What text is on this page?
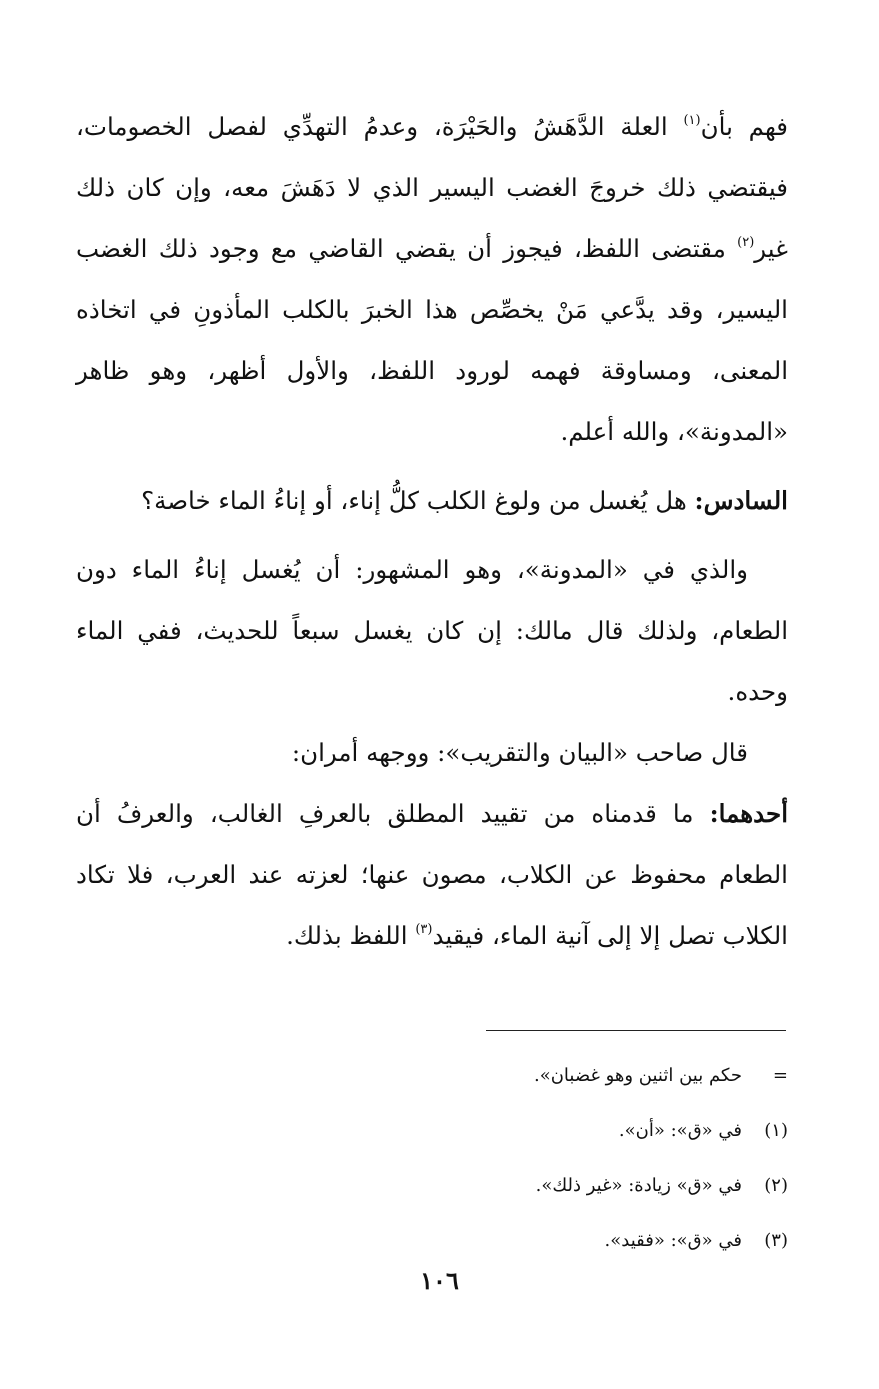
فهم بأن$^{(١)}$ العلة الدَّهَشُ والحَيْرَة، وعدمُ التهدِّي لفصل الخصومات، فيقتضي ذلك خروجَ الغضب اليسير الذي لا دَهَشَ معه، وإن كان ذلك غير$^{(٢)}$ مقتضى اللفظ، فيجوز أن يقضي القاضي مع وجود ذلك الغضب اليسير، وقد يدَّعي مَنْ يخصِّص هذا الخبرَ بالكلب المأذونِ في اتخاذه المعنى، ومساوقة فهمه لورود اللفظ، والأول أظهر، وهو ظاهر «المدونة»، والله أعلم.

السادس: هل يُغسل من ولوغ الكلب كلُّ إناء، أو إناءُ الماء خاصة؟

والذي في «المدونة»، وهو المشهور: أن يُغسل إناءُ الماء دون الطعام، ولذلك قال مالك: إن كان يغسل سبعاً للحديث، ففي الماء وحده.

قال صاحب «البيان والتقريب»: ووجهه أمران:

أحدهما: ما قدمناه من تقييد المطلق بالعرفِ الغالب، والعرفُ أن الطعام محفوظ عن الكلاب، مصون عنها؛ لعزته عند العرب، فلا تكاد الكلاب تصل إلا إلى آنية الماء، فيقيد$^{(٣)}$ اللفظ بذلك.

=
حكم بين اثنين وهو غضبان».
(١)
في «ق»: «أن».
(٢)
في «ق» زيادة: «غير ذلك».
(٣)
في «ق»: «فقيد».
١٠٦
